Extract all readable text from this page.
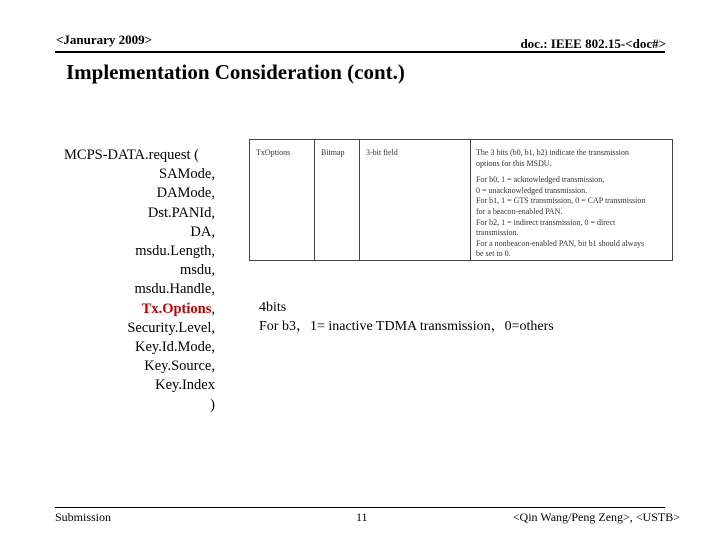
<Janurary 2009>	doc.: IEEE 802.15-<doc#>
Implementation Consideration (cont.)
MCPS-DATA.request (
SAMode,
DAMode,
Dst.PANId,
DA,
msdu.Length,
msdu,
msdu.Handle,
Tx.Options,
Security.Level,
Key.Id.Mode,
Key.Source,
Key.Index
)
TxOptions	Bitmap	3-bit field	The 3 bits (b0, b1, b2) indicate the transmission
options for this MSDU.
For b0, 1 = acknowledged transmission,
0 = unacknowledged transmission.
For b1, 1 = GTS transmission, 0 = CAP transmission
for a beacon-enabled PAN.
For b2, 1 = indirect transmission, 0 = direct
transmission.
For a nonbeacon-enabled PAN, bit b1 should always
be set to 0.
4bits
For b3，1= inactive TDMA transmission，0=others
Submission	11	<Qin Wang/Peng Zeng>, <USTB>
